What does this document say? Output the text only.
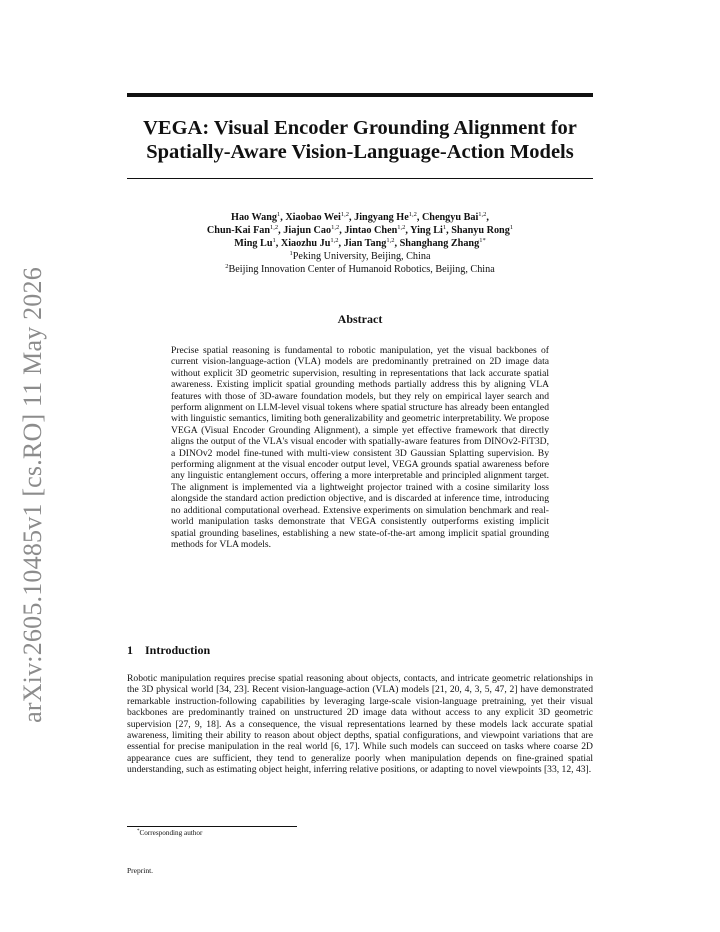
arXiv:2605.10485v1 [cs.RO] 11 May 2026
VEGA: Visual Encoder Grounding Alignment for
Spatially-Aware Vision-Language-Action Models
Hao Wang$^1$, Xiaobao Wei$^{1,2}$, Jingyang He$^{1,2}$, Chengyu Bai$^{1,2}$,
Chun-Kai Fan$^{1,2}$, Jiajun Cao$^{1,2}$, Jintao Chen$^{1,2}$, Ying Li$^1$, Shanyu Rong$^1$
Ming Lu$^1$, Xiaozhu Ju$^{1,2}$, Jian Tang$^{1,2}$, Shanghang Zhang$^{1*}$
$^1$Peking University, Beijing, China
$^2$Beijing Innovation Center of Humanoid Robotics, Beijing, China
Abstract
Precise spatial reasoning is fundamental to robotic manipulation, yet the visual backbones of current vision-language-action (VLA) models are predominantly pretrained on 2D image data without explicit 3D geometric supervision, resulting in representations that lack accurate spatial awareness. Existing implicit spatial grounding methods partially address this by aligning VLA features with those of 3D-aware foundation models, but they rely on empirical layer search and perform alignment on LLM-level visual tokens where spatial structure has already been entangled with linguistic semantics, limiting both generalizability and geometric interpretability. We propose VEGA (Visual Encoder Grounding Alignment), a simple yet effective framework that directly aligns the output of the VLA's visual encoder with spatially-aware features from DINOv2-FiT3D, a DINOv2 model fine-tuned with multi-view consistent 3D Gaussian Splatting supervision. By performing alignment at the visual encoder output level, VEGA grounds spatial awareness before any linguistic entanglement occurs, offering a more interpretable and principled alignment target. The alignment is implemented via a lightweight projector trained with a cosine similarity loss alongside the standard action prediction objective, and is discarded at inference time, introducing no additional computational overhead. Extensive experiments on simulation benchmark and real-world manipulation tasks demonstrate that VEGA consistently outperforms existing implicit spatial grounding baselines, establishing a new state-of-the-art among implicit spatial grounding methods for VLA models.
1 Introduction
Robotic manipulation requires precise spatial reasoning about objects, contacts, and intricate geometric relationships in the 3D physical world [34, 23]. Recent vision-language-action (VLA) models [21, 20, 4, 3, 5, 47, 2] have demonstrated remarkable instruction-following capabilities by leveraging large-scale vision-language pretraining, yet their visual backbones are predominantly trained on unstructured 2D image data without access to any explicit 3D geometric supervision [27, 9, 18]. As a consequence, the visual representations learned by these models lack accurate spatial awareness, limiting their ability to reason about object depths, spatial configurations, and viewpoint variations that are essential for precise manipulation in the real world [6, 17]. While such models can succeed on tasks where coarse 2D appearance cues are sufficient, they tend to generalize poorly when manipulation depends on fine-grained spatial understanding, such as estimating object height, inferring relative positions, or adapting to novel viewpoints [33, 12, 43].
*Corresponding author
Preprint.
